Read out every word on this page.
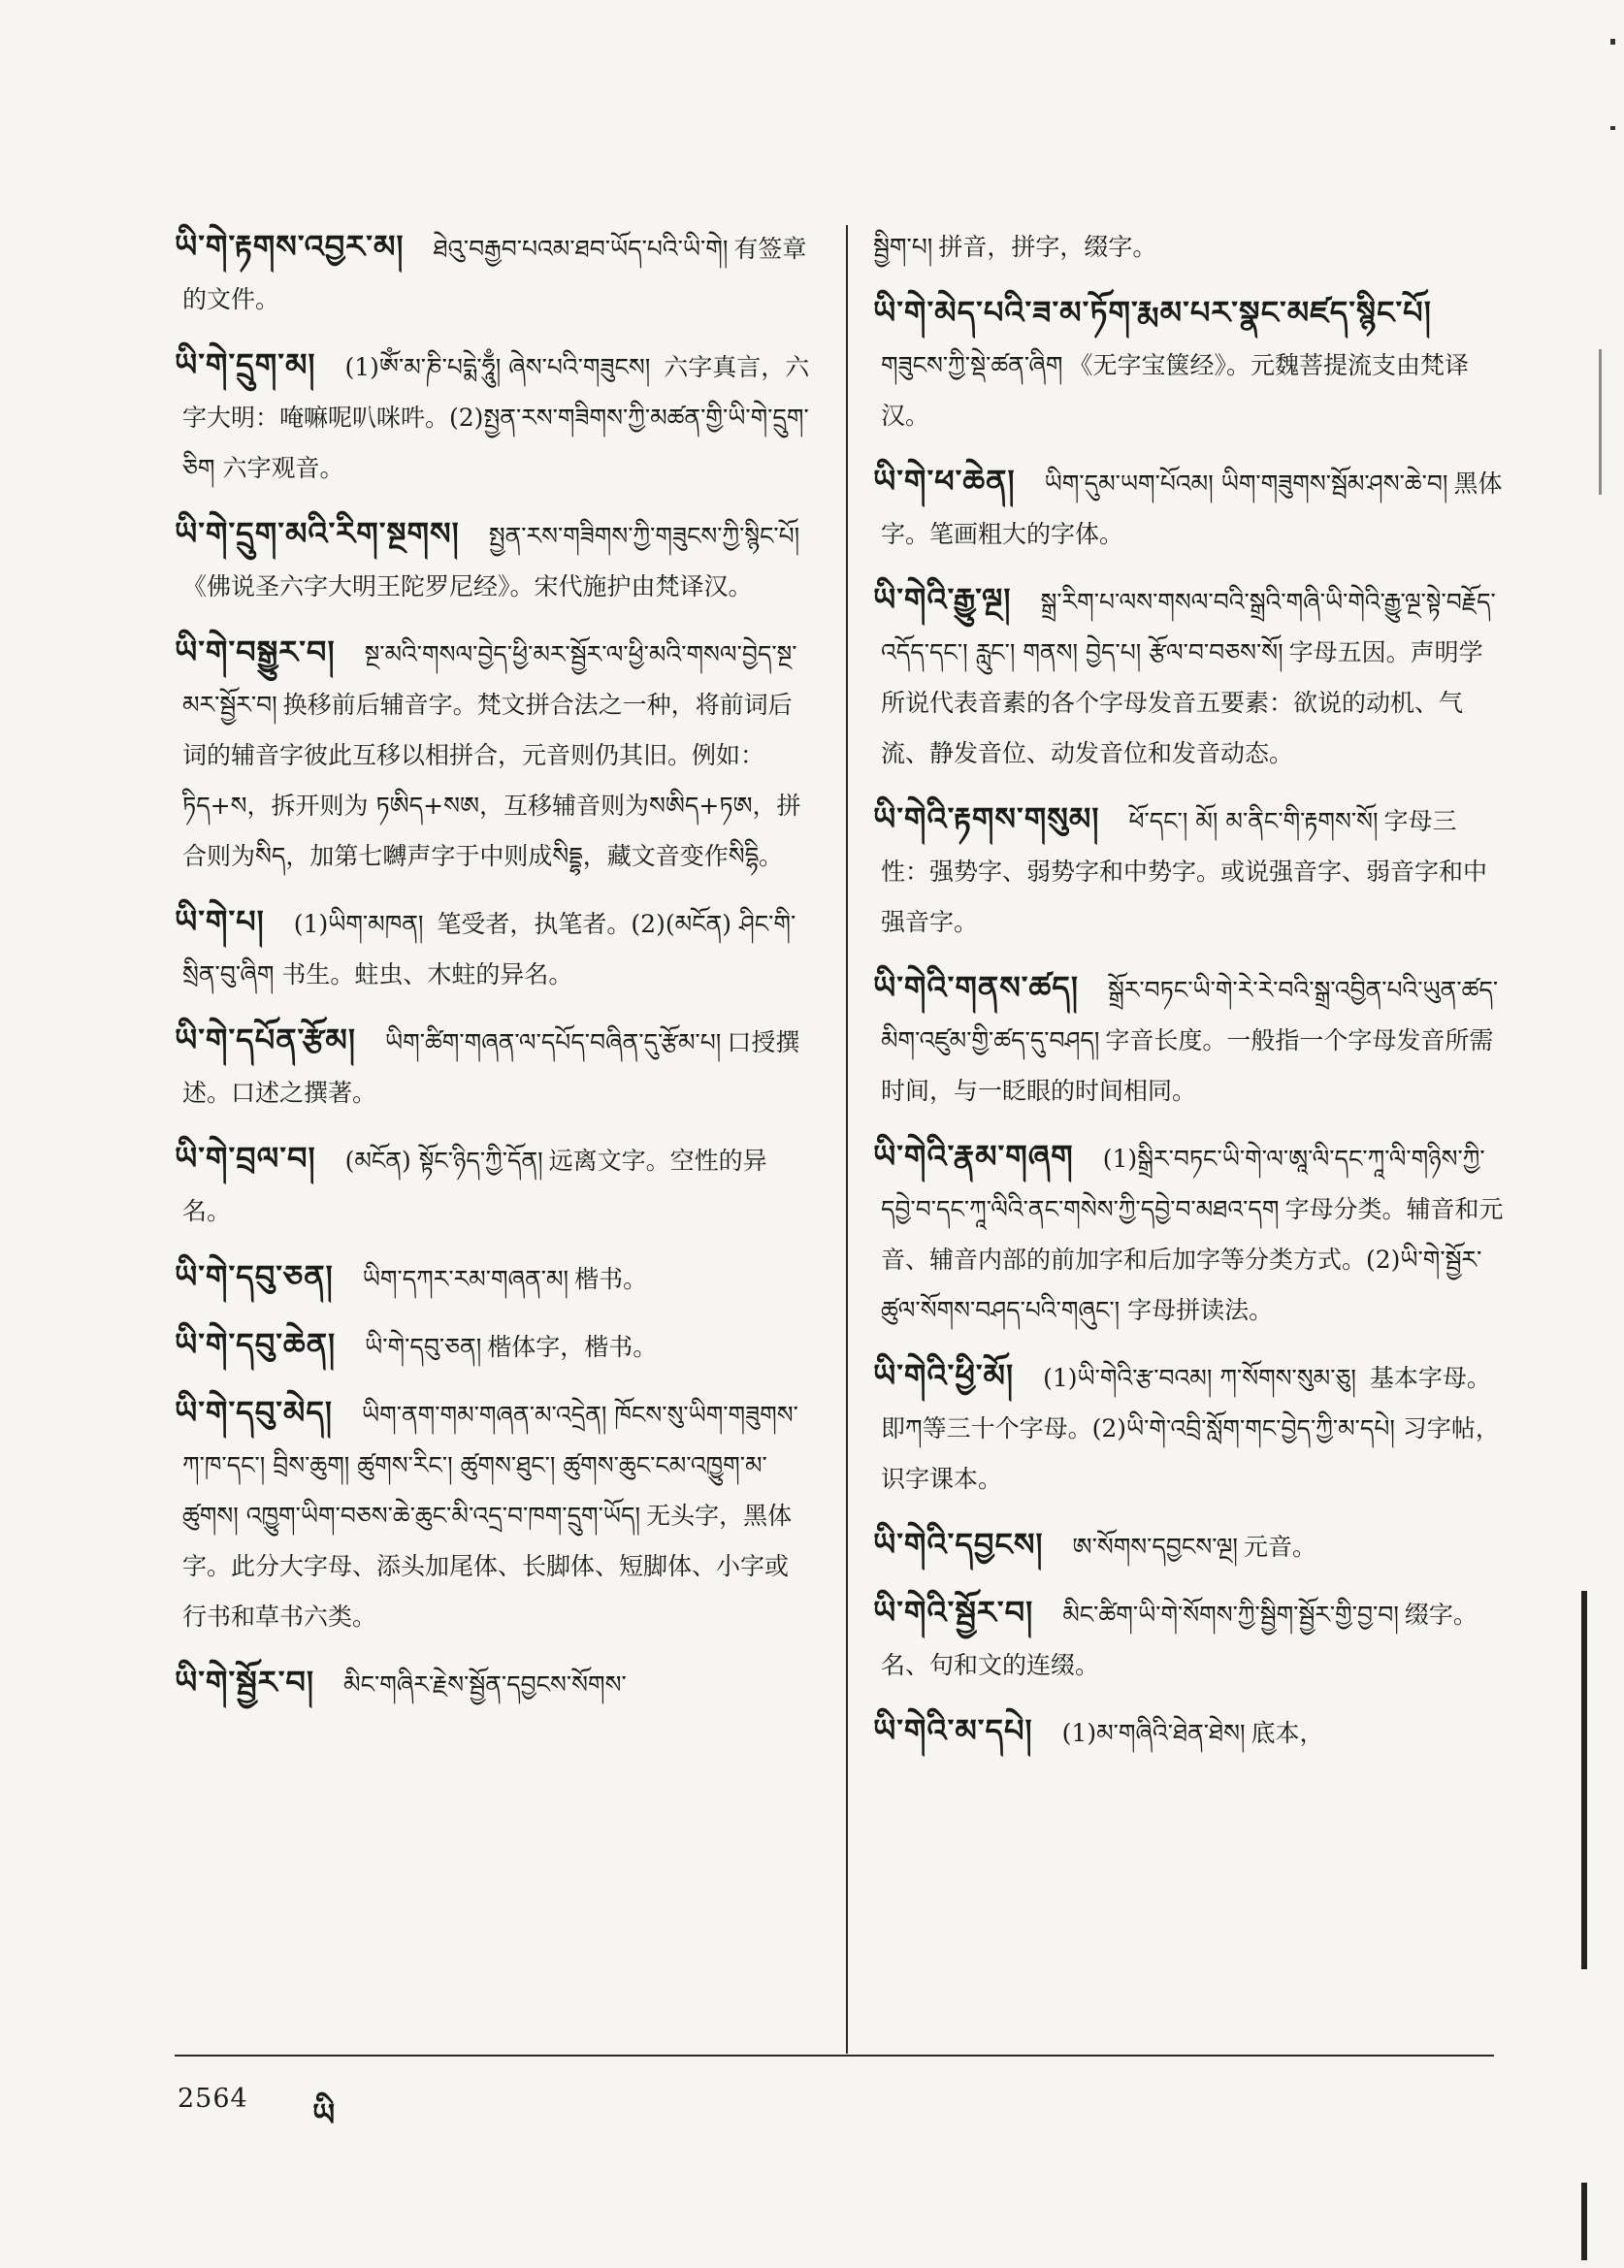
ཡི་གེ་རྟགས་འབྱར་མ། ཐེའུ་བརྒྱབ་པའམ་ཐབ་ཡོད་པའི་ཡི་གེ། 有签章的文件。
ཡི་གེ་དྲུག་མ། (1)ཨོཾ་མ་ཎི་པདྨེ་ཧཱུྃ། ཞེས་པའི་གཟུངས། 六字真言，六字大明：唵嘛呢叭咪吽。(2)སྤྱན་རས་གཟིགས་ཀྱི་མཚན་གྱི་ཡི་གེ་དྲུག་ཅིག 六字观音。
ཡི་གེ་དྲུག་མའི་རིག་སྔགས། སྤྱན་རས་གཟིགས་ཀྱི་གཟུངས་ཀྱི་སྙིང་པོ།《佛说圣六字大明王陀罗尼经》。宋代施护由梵译汉。
ཡི་གེ་བསྒྱུར་བ། སྔ་མའི་གསལ་བྱེད་ཕྱི་མར་སྦྱོར་ལ་ཕྱི་མའི་གསལ་བྱེད་སྔ་མར་སྦྱོར་བ། 换移前后辅音字。梵文拼合法之一种，将前词后词的辅音字彼此互移以相拼合，元音则仍其旧。例如：ཏིད+ས，拆开则为 ཏཨིད+སཨ，互移辅音则为སཨིད+ཏཨ，拼合则为སིད，加第七嚩声字于中则成སིདྡྷ，藏文音变作སིདྷི。
ཡི་གེ་པ། (1)ཡིག་མཁན། 笔受者，执笔者。(2)(མངོན) ཤིང་གི་སྲིན་བུ་ཞིག 书生。蛀虫、木蛀的异名。
ཡི་གེ་དཔོན་རྩོམ། ཡིག་ཚིག་གཞན་ལ་དཔོད་བཞིན་དུ་རྩོམ་པ། 口授撰述。口述之撰著。
ཡི་གེ་བྲལ་བ། (མངོན) སྟོང་ཉིད་ཀྱི་དོན། 远离文字。空性的异名。
ཡི་གེ་དབུ་ཅན། ཡིག་དཀར་རམ་གཞན་མ། 楷书。
ཡི་གེ་དབུ་ཆེན། ཡི་གེ་དབུ་ཅན། 楷体字，楷书。
ཡི་གེ་དབུ་མེད། ཡིག་ནག་གམ་གཞན་མ་འདྲེན། ཁོངས་སུ་ཡིག་གཟུགས་ཀ་ཁ་དང་། བྲིས་ཆུག། ཚུགས་རིང་། ཚུགས་ཐུང་། ཚུགས་ཆུང་ངམ་འཁྱུག་མ་ཚུགས། འཁྱུག་ཡིག་བཅས་ཆེ་ཆུང་མི་འདྲ་བ་ཁག་དྲུག་ཡོད། 无头字，黑体字。此分大字母、添头加尾体、长脚体、短脚体、小字或行书和草书六类。
ཡི་གེ་སྦྱོར་བ། མིང་གཞིར་རྗེས་སྦྱོན་དབྱངས་སོགས་
སྦྱིག་པ། 拼音，拼字，缀字。
ཡི་གེ་མེད་པའི་ཟ་མ་ཏོག་རྨམ་པར་སྣང་མཛད་སྙིང་པོ།གཟུངས་ཀྱི་སྡེ་ཚན་ཞིག 《无字宝箧经》。元魏菩提流支由梵译汉。
ཡི་གེ་ཕ་ཆེན། ཡིག་དུམ་ཡག་པོའམ། ཡིག་གཟུགས་སྦོམ་ཤས་ཆེ་བ། 黑体字。笔画粗大的字体。
ཡི་གེའི་རྒྱུ་ལྔ། སྒྲ་རིག་པ་ལས་གསལ་བའི་སྒྲའི་གཞི་ཡི་གེའི་རྒྱུ་ལྔ་སྟེ་བརྗོད་འདོད་དང་། རླུང་། གནས། བྱེད་པ། རྩོལ་བ་བཅས་སོ། 字母五因。声明学所说代表音素的各个字母发音五要素：欲说的动机、气流、静发音位、动发音位和发音动态。
ཡི་གེའི་རྟགས་གསུམ། ཕོ་དང་། མོ། མ་ནིང་གི་རྟགས་སོ། 字母三性：强势字、弱势字和中势字。或说强音字、弱音字和中强音字。
ཡི་གེའི་གནས་ཚད། སྒྲོར་བཏང་ཡི་གེ་རེ་རེ་བའི་སྒྲ་འབྱིན་པའི་ཡུན་ཚད་མིག་འཛུམ་གྱི་ཚད་དུ་བཤད། 字音长度。一般指一个字母发音所需时间，与一眨眼的时间相同。
ཡི་གེའི་རྣམ་གཞག (1)སྒྲིར་བཏང་ཡི་གེ་ལ་ཨཱ་ལི་དང་ཀཱ་ལི་གཉིས་ཀྱི་དབྱེ་བ་དང་ཀཱ་ལིའི་ནང་གསེས་ཀྱི་དབྱེ་བ་མཐའ་དག 字母分类。辅音和元音、辅音内部的前加字和后加字等分类方式。(2)ཡི་གེ་སྦྱོར་ཚུལ་སོགས་བཤད་པའི་གཞུང་། 字母拼读法。
ཡི་གེའི་ཕྱི་མོ། (1)ཡི་གེའི་རྩ་བའམ། ཀ་སོགས་སུམ་ཅུ། 基本字母。即ཀ等三十个字母。(2)ཡི་གེ་འབྲི་སློག་གང་བྱེད་ཀྱི་མ་དཔེ། 习字帖，识字课本。
ཡི་གེའི་དབྱངས། ཨ་སོགས་དབྱངས་ལྔ། 元音。
ཡི་གེའི་སྦྱོར་བ། མིང་ཚིག་ཡི་གེ་སོགས་ཀྱི་སྦྱིག་སྦྱོར་གྱི་བྱ་བ། 缀字。名、句和文的连缀。
ཡི་གེའི་མ་དཔེ། (1)མ་གཞིའི་ཐེན་ཐེས། 底本，
2564 ཡི
